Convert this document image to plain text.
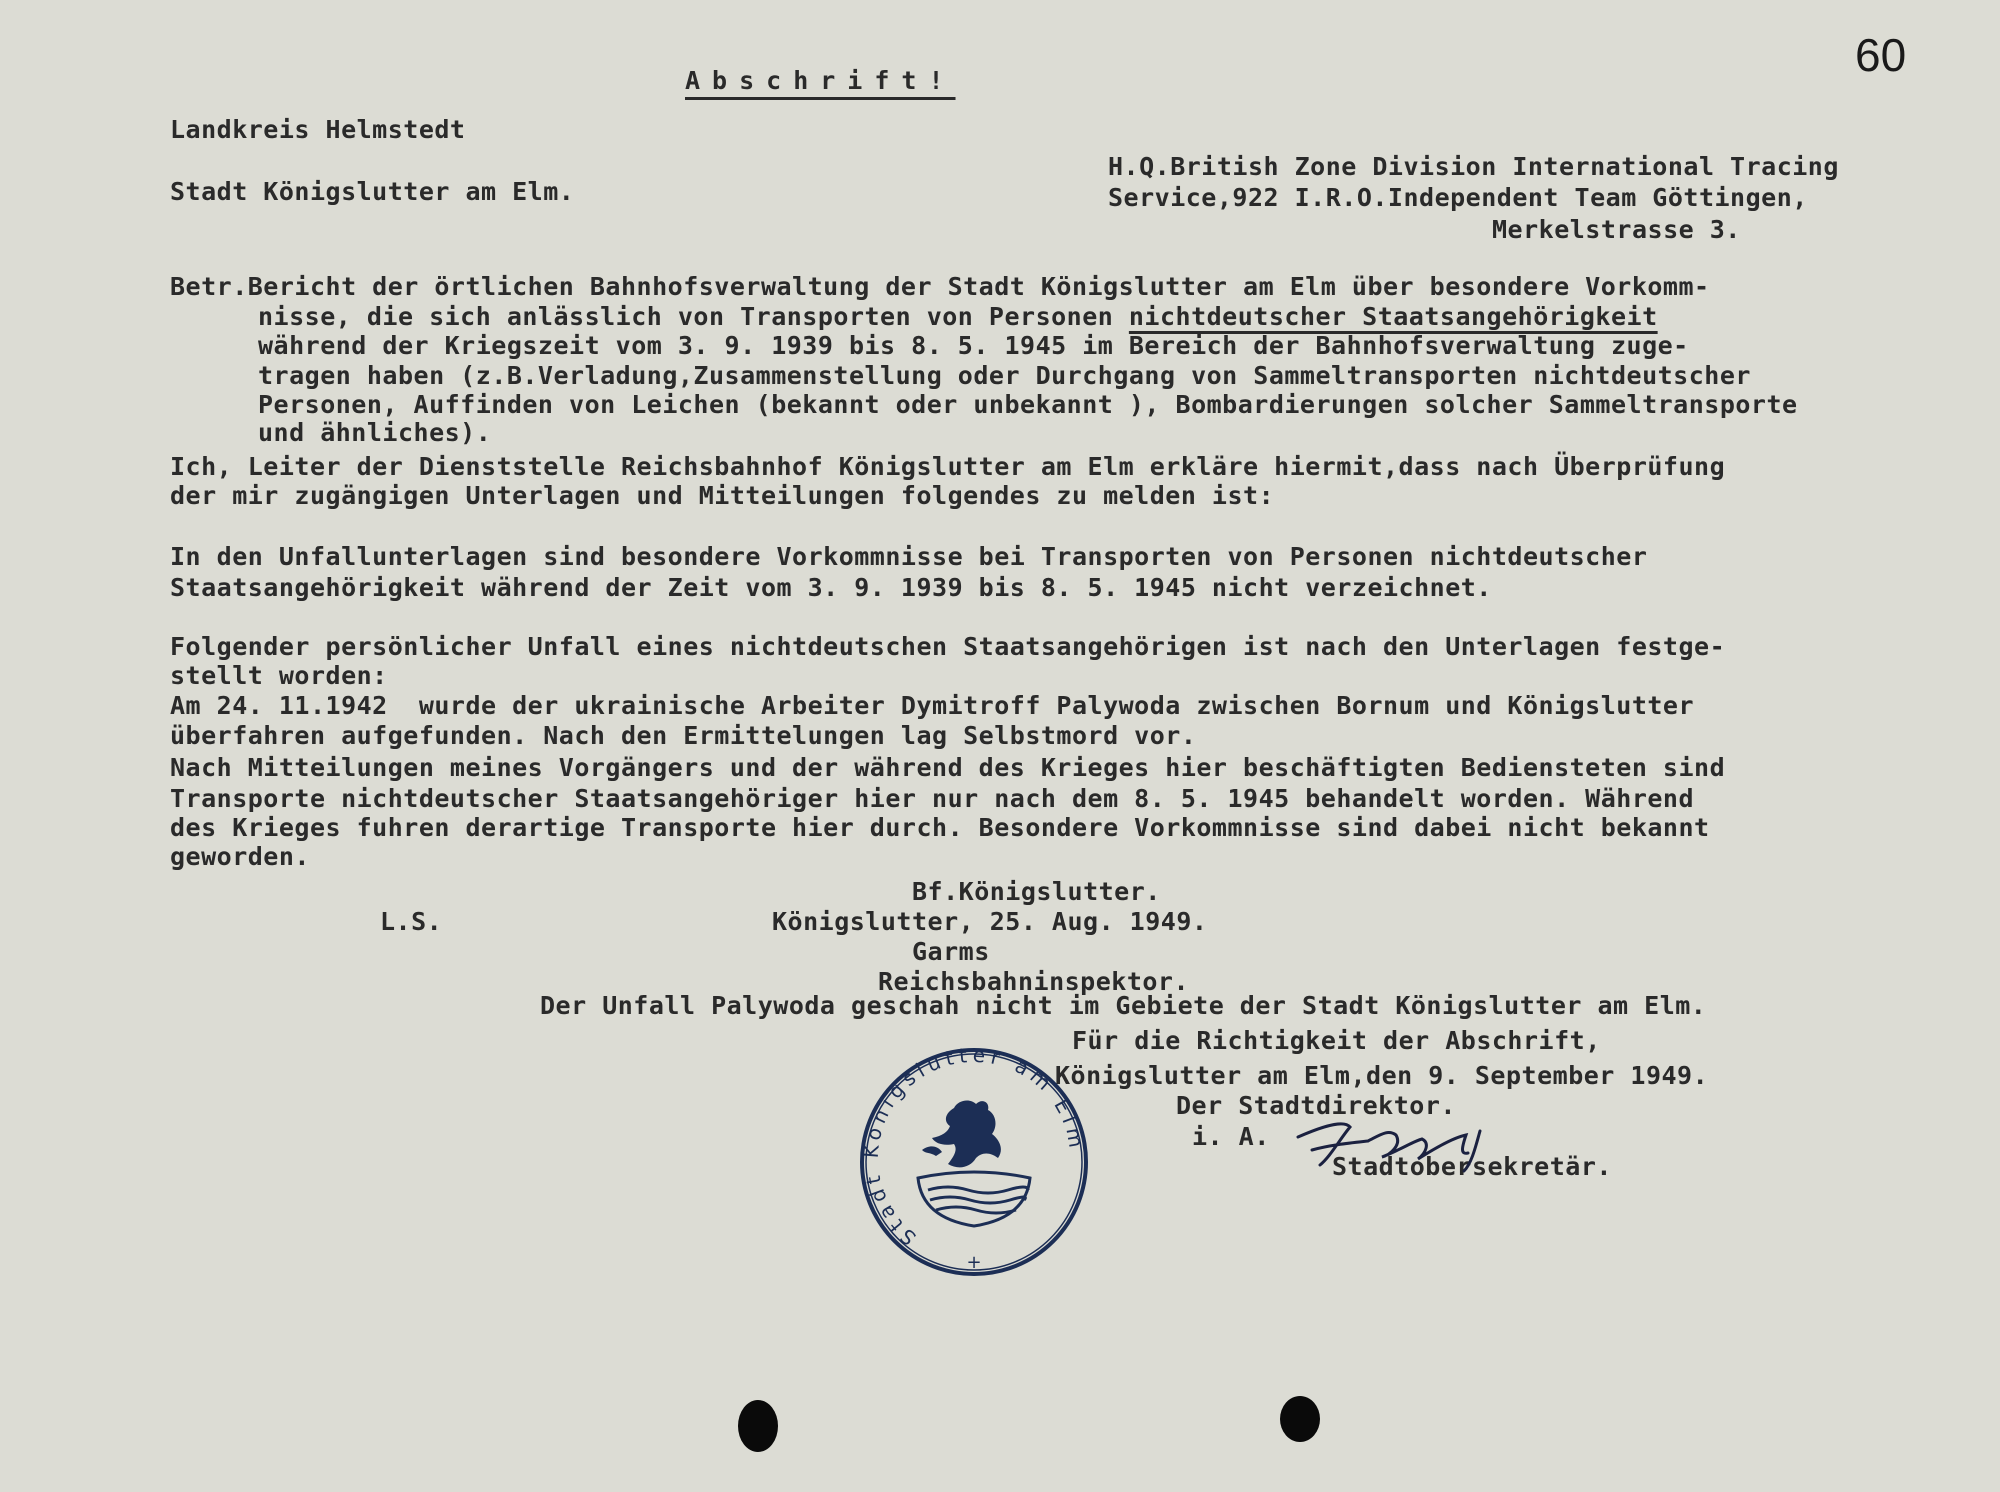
Abschrift!	60
Landkreis Helmstedt
Stadt Königslutter am Elm.
H.Q.British Zone Division International Tracing
Service,922 I.R.O.Independent Team Göttingen,
Merkelstrasse 3.
Betr.Bericht der örtlichen Bahnhofsverwaltung der Stadt Königslutter am Elm über besondere Vorkomm-
nisse, die sich anlässlich von Transporten von Personen nichtdeutscher Staatsangehörigkeit
während der Kriegszeit vom 3. 9. 1939 bis 8. 5. 1945 im Bereich der Bahnhofsverwaltung zuge-
tragen haben (z.B.Verladung,Zusammenstellung oder Durchgang von Sammeltransporten nichtdeutscher
Personen, Auffinden von Leichen (bekannt oder unbekannt ), Bombardierungen solcher Sammeltransporte
und ähnliches).
Ich, Leiter der Dienststelle Reichsbahnhof Königslutter am Elm erkläre hiermit,dass nach Überprüfung
der mir zugängigen Unterlagen und Mitteilungen folgendes zu melden ist:
In den Unfallunterlagen sind besondere Vorkommnisse bei Transporten von Personen nichtdeutscher
Staatsangehörigkeit während der Zeit vom 3. 9. 1939 bis 8. 5. 1945 nicht verzeichnet.
Folgender persönlicher Unfall eines nichtdeutschen Staatsangehörigen ist nach den Unterlagen festge-
stellt worden:
Am 24. 11.1942  wurde der ukrainische Arbeiter Dymitroff Palywoda zwischen Bornum und Königslutter
überfahren aufgefunden. Nach den Ermittelungen lag Selbstmord vor.
Nach Mitteilungen meines Vorgängers und der während des Krieges hier beschäftigten Bediensteten sind
Transporte nichtdeutscher Staatsangehöriger hier nur nach dem 8. 5. 1945 behandelt worden. Während
des Krieges fuhren derartige Transporte hier durch. Besondere Vorkommnisse sind dabei nicht bekannt
geworden.
Bf.Königslutter.
L.S.	Königslutter, 25. Aug. 1949.
Garms
Reichsbahninspektor.
Der Unfall Palywoda geschah nicht im Gebiete der Stadt Königslutter am Elm.
Für die Richtigkeit der Abschrift,
Königslutter am Elm,den 9. September 1949.
Der Stadtdirektor.
i. A.
Stadtobersekretär.
Stadt Königslutter am Elm
+
